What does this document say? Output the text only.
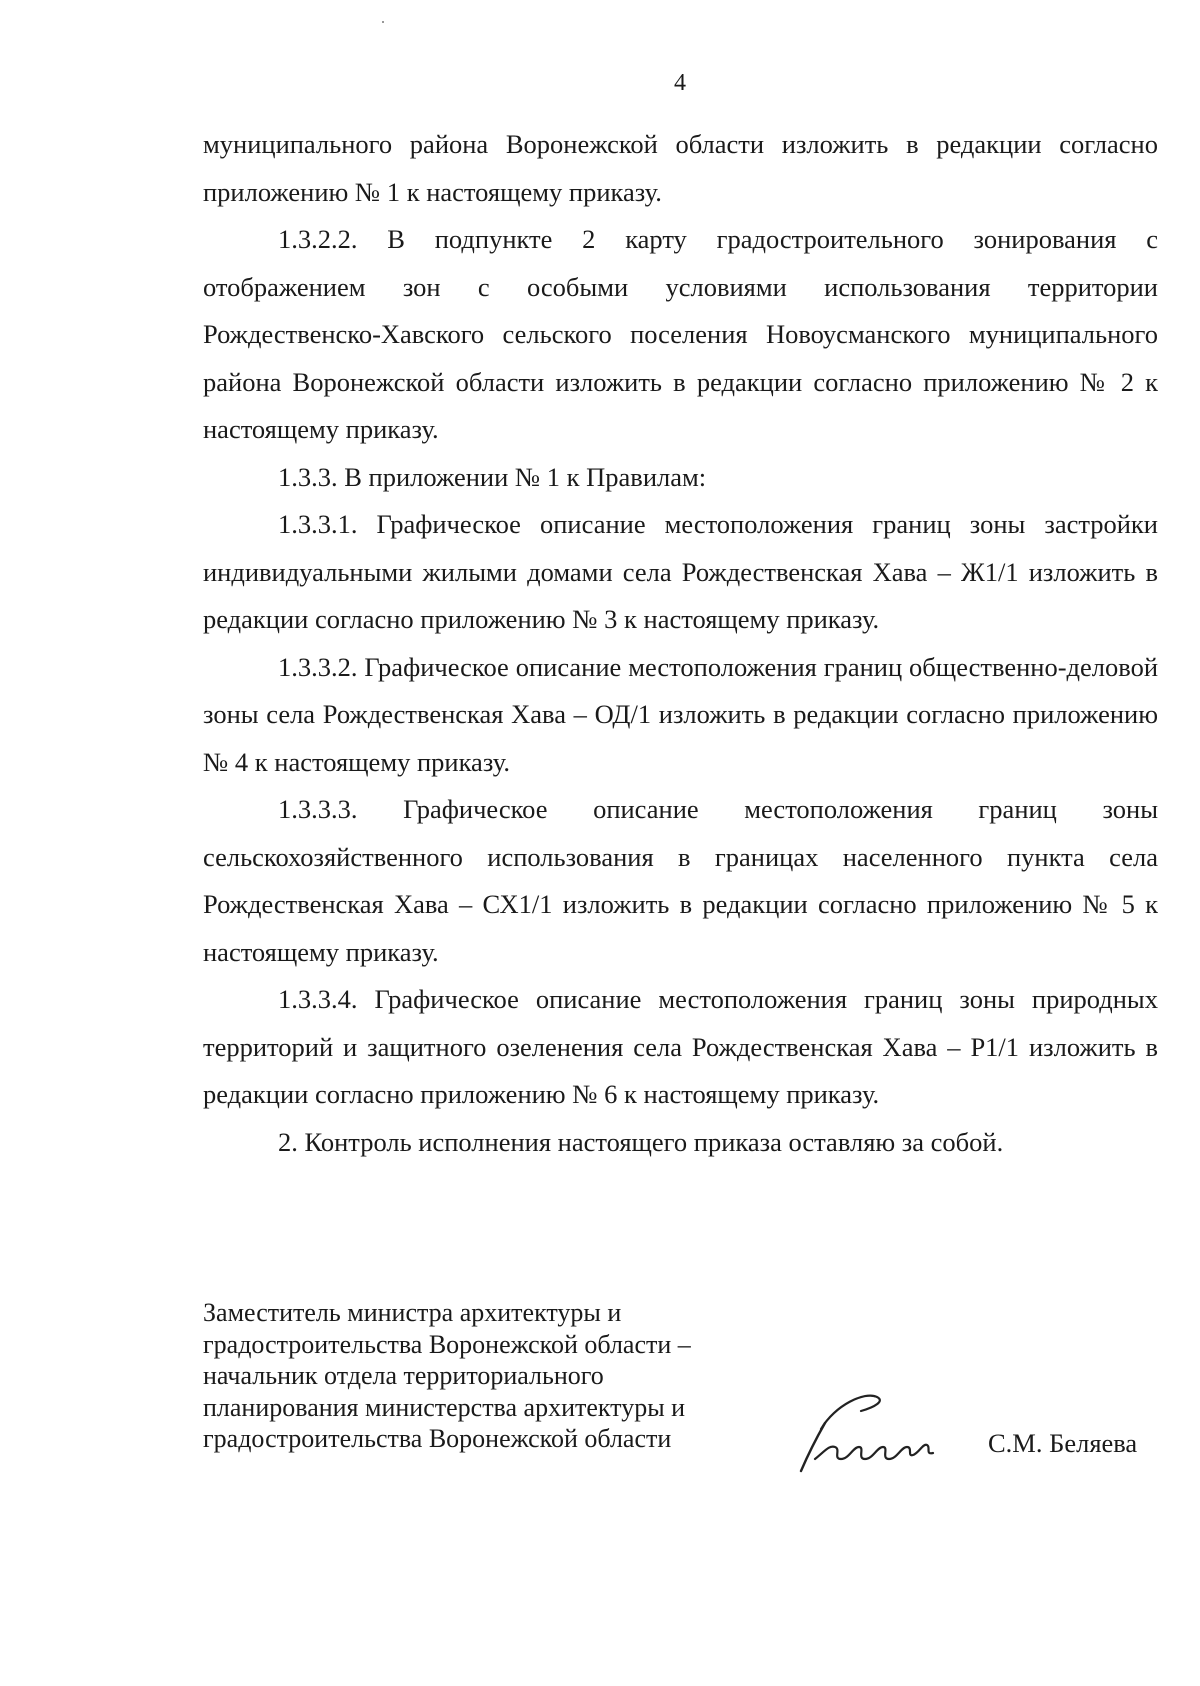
4

муниципального района Воронежской области изложить в редакции согласно приложению № 1 к настоящему приказу.

1.3.2.2. В подпункте 2 карту градостроительного зонирования с отображением зон с особыми условиями использования территории Рождественско-Хавского сельского поселения Новоусманского муниципального района Воронежской области изложить в редакции согласно приложению № 2 к настоящему приказу.

1.3.3. В приложении № 1 к Правилам:

1.3.3.1. Графическое описание местоположения границ зоны застройки индивидуальными жилыми домами села Рождественская Хава – Ж1/1 изложить в редакции согласно приложению № 3 к настоящему приказу.

1.3.3.2. Графическое описание местоположения границ общественно-деловой зоны села Рождественская Хава – ОД/1 изложить в редакции согласно приложению № 4 к настоящему приказу.

1.3.3.3. Графическое описание местоположения границ зоны сельскохозяйственного использования в границах населенного пункта села Рождественская Хава – СХ1/1 изложить в редакции согласно приложению № 5 к настоящему приказу.

1.3.3.4. Графическое описание местоположения границ зоны природных территорий и защитного озеленения села Рождественская Хава – Р1/1 изложить в редакции согласно приложению № 6 к настоящему приказу.

2. Контроль исполнения настоящего приказа оставляю за собой.

Заместитель министра архитектуры и
градостроительства Воронежской области –
начальник отдела территориального
планирования министерства архитектуры и
градостроительства Воронежской области	С.М. Беляева
